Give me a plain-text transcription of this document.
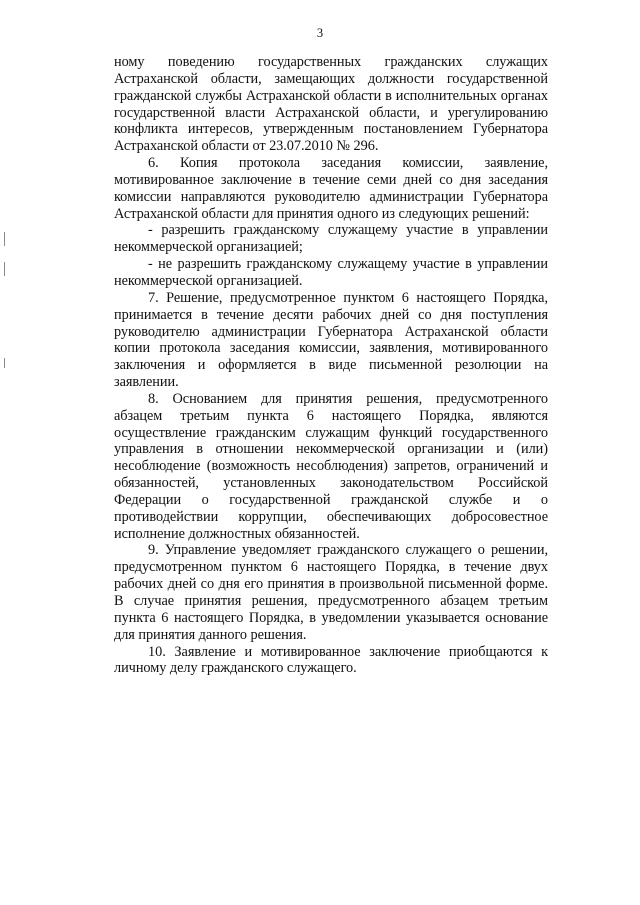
3

ному поведению государственных гражданских служащих Астраханской области, замещающих должности государственной гражданской службы Астраханской области в исполнительных органах государственной власти Астраханской области, и урегулированию конфликта интересов, утвержденным постановлением Губернатора Астраханской области от 23.07.2010 № 296.

6. Копия протокола заседания комиссии, заявление, мотивированное заключение в течение семи дней со дня заседания комиссии направляются руководителю администрации Губернатора Астраханской области для принятия одного из следующих решений:

- разрешить гражданскому служащему участие в управлении некоммерческой организацией;

- не разрешить гражданскому служащему участие в управлении некоммерческой организацией.

7. Решение, предусмотренное пунктом 6 настоящего Порядка, принимается в течение десяти рабочих дней со дня поступления руководителю администрации Губернатора Астраханской области копии протокола заседания комиссии, заявления, мотивированного заключения и оформляется в виде письменной резолюции на заявлении.

8. Основанием для принятия решения, предусмотренного абзацем третьим пункта 6 настоящего Порядка, являются осуществление гражданским служащим функций государственного управления в отношении некоммерческой организации и (или) несоблюдение (возможность несоблюдения) запретов, ограничений и обязанностей, установленных законодательством Российской Федерации о государственной гражданской службе и о противодействии коррупции, обеспечивающих добросовестное исполнение должностных обязанностей.

9. Управление уведомляет гражданского служащего о решении, предусмотренном пунктом 6 настоящего Порядка, в течение двух рабочих дней со дня его принятия в произвольной письменной форме. В случае принятия решения, предусмотренного абзацем третьим пункта 6 настоящего Порядка, в уведомлении указывается основание для принятия данного решения.

10. Заявление и мотивированное заключение приобщаются к личному делу гражданского служащего.
